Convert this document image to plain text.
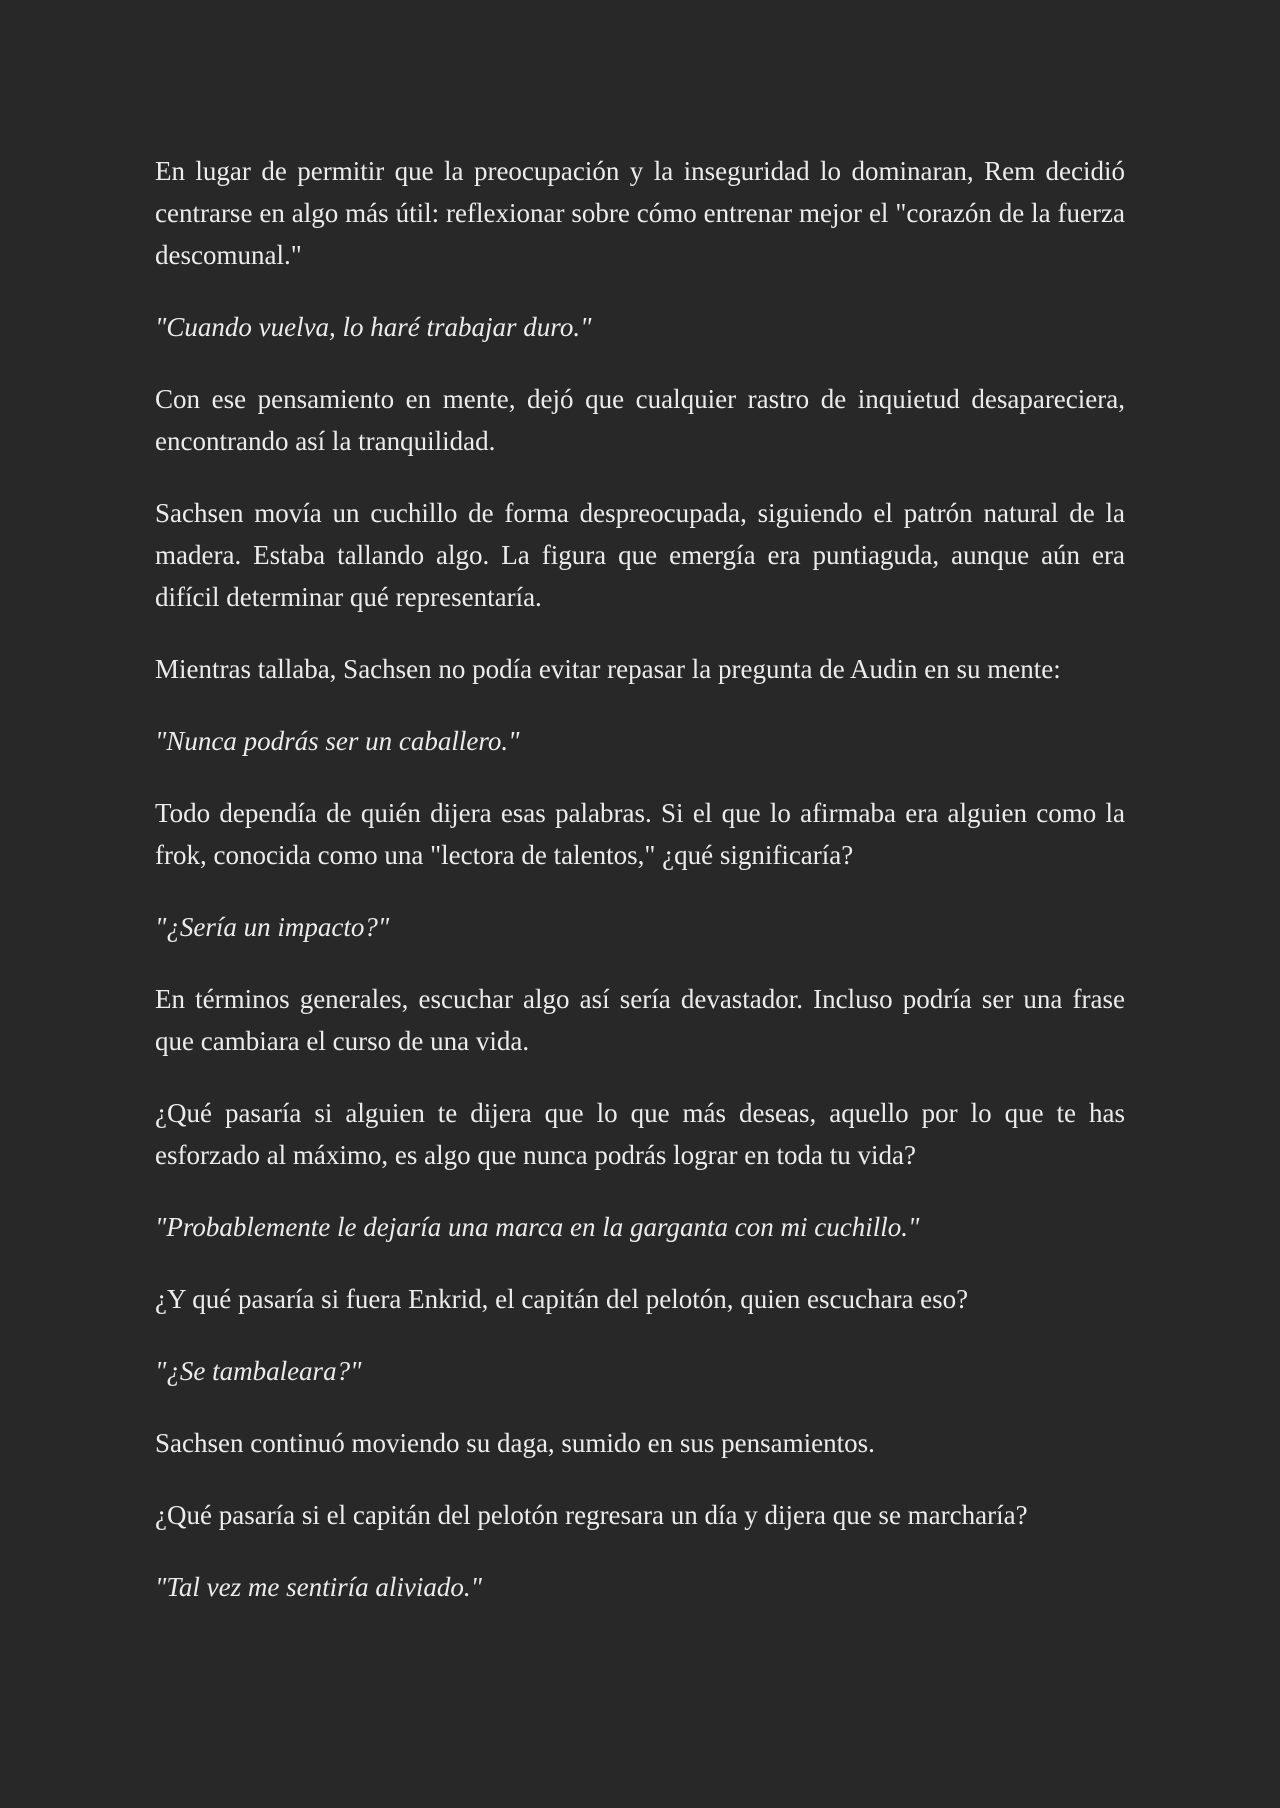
En lugar de permitir que la preocupación y la inseguridad lo dominaran, Rem decidió centrarse en algo más útil: reflexionar sobre cómo entrenar mejor el "corazón de la fuerza descomunal."

"Cuando vuelva, lo haré trabajar duro."

Con ese pensamiento en mente, dejó que cualquier rastro de inquietud desapareciera, encontrando así la tranquilidad.

Sachsen movía un cuchillo de forma despreocupada, siguiendo el patrón natural de la madera. Estaba tallando algo. La figura que emergía era puntiaguda, aunque aún era difícil determinar qué representaría.

Mientras tallaba, Sachsen no podía evitar repasar la pregunta de Audin en su mente:

"Nunca podrás ser un caballero."

Todo dependía de quién dijera esas palabras. Si el que lo afirmaba era alguien como la frok, conocida como una "lectora de talentos," ¿qué significaría?

"¿Sería un impacto?"

En términos generales, escuchar algo así sería devastador. Incluso podría ser una frase que cambiara el curso de una vida.

¿Qué pasaría si alguien te dijera que lo que más deseas, aquello por lo que te has esforzado al máximo, es algo que nunca podrás lograr en toda tu vida?

"Probablemente le dejaría una marca en la garganta con mi cuchillo."

¿Y qué pasaría si fuera Enkrid, el capitán del pelotón, quien escuchara eso?

"¿Se tambaleara?"

Sachsen continuó moviendo su daga, sumido en sus pensamientos.

¿Qué pasaría si el capitán del pelotón regresara un día y dijera que se marcharía?

"Tal vez me sentiría aliviado."
